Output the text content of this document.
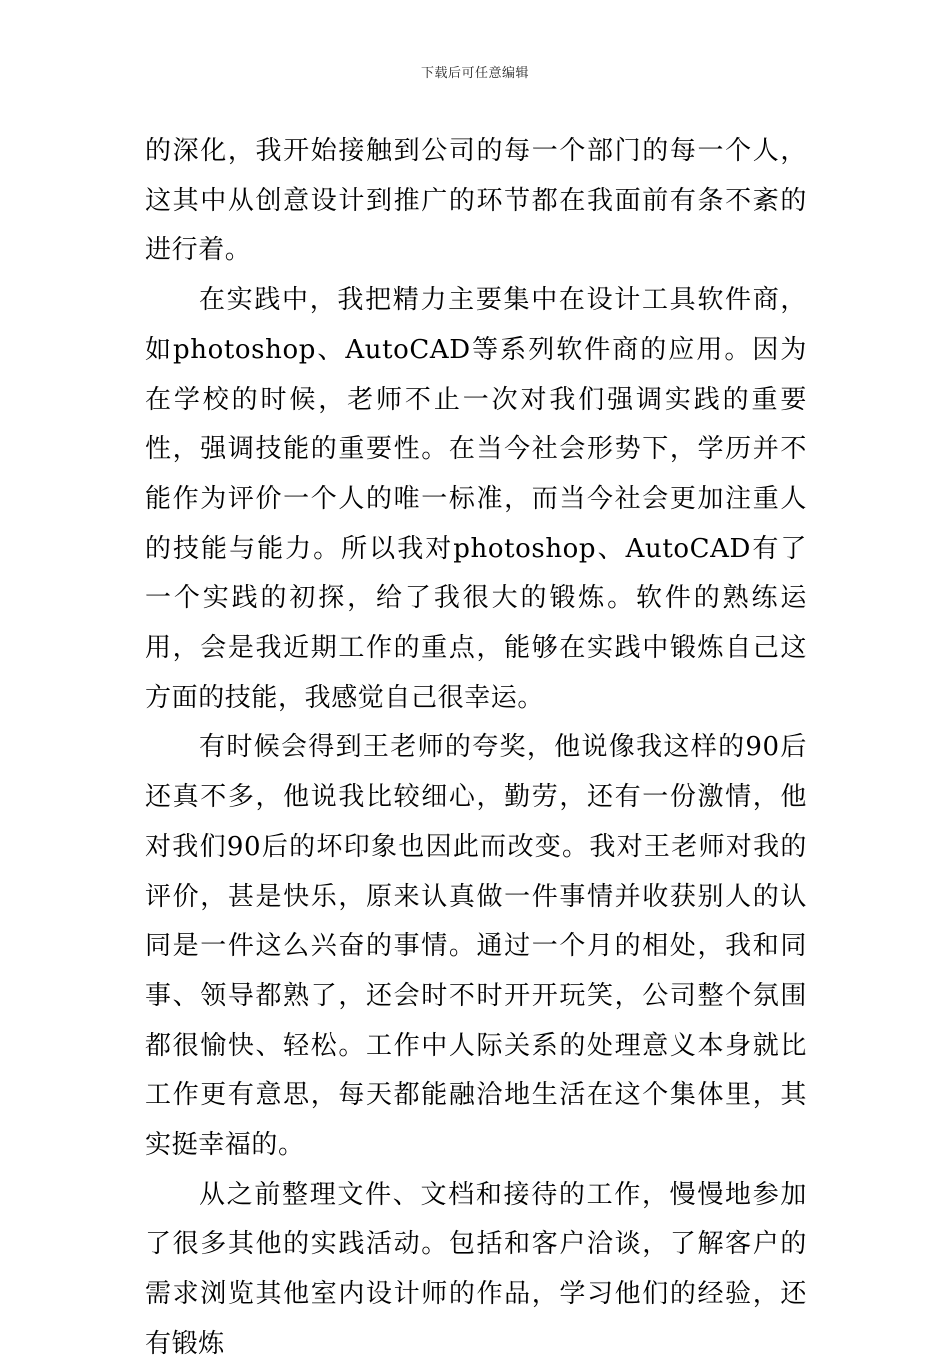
下载后可任意编辑

的深化，我开始接触到公司的每一个部门的每一个人，这其中从创意设计到推广的环节都在我面前有条不紊的进行着。

在实践中，我把精力主要集中在设计工具软件商，如photoshop、AutoCAD等系列软件商的应用。因为在学校的时候，老师不止一次对我们强调实践的重要性，强调技能的重要性。在当今社会形势下，学历并不能作为评价一个人的唯一标准，而当今社会更加注重人的技能与能力。所以我对photoshop、AutoCAD有了一个实践的初探，给了我很大的锻炼。软件的熟练运用，会是我近期工作的重点，能够在实践中锻炼自己这方面的技能，我感觉自己很幸运。

有时候会得到王老师的夸奖，他说像我这样的90后还真不多，他说我比较细心，勤劳，还有一份激情，他对我们90后的坏印象也因此而改变。我对王老师对我的评价，甚是快乐，原来认真做一件事情并收获别人的认同是一件这么兴奋的事情。通过一个月的相处，我和同事、领导都熟了，还会时不时开开玩笑，公司整个氛围都很愉快、轻松。工作中人际关系的处理意义本身就比工作更有意思，每天都能融洽地生活在这个集体里，其实挺幸福的。

从之前整理文件、文档和接待的工作，慢慢地参加了很多其他的实践活动。包括和客户洽谈，了解客户的需求浏览其他室内设计师的作品，学习他们的经验，还有锻炼
